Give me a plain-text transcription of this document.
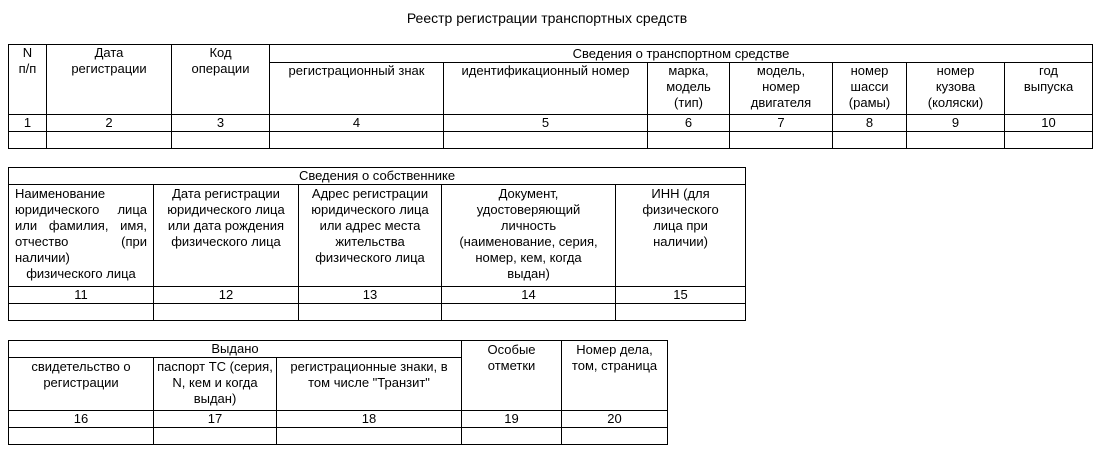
Реестр регистрации транспортных средств
N п/п	Дата регистрации	Код операции	Сведения о транспортном средстве						
			регистрационный знак	идентификационный номер	марка, модель (тип)	модель, номер двигателя	номер шасси (рамы)	номер кузова (коляски)	год выпуска
1	2	3	4	5	6	7	8	9	10

Сведения о собственнике				
Наименование юридического лица или фамилия, имя, отчество (при наличии) физического лица	Дата регистрации юридического лица или дата рождения физического лица	Адрес регистрации юридического лица или адрес места жительства физического лица	Документ, удостоверяющий личность (наименование, серия, номер, кем, когда выдан)	ИНН (для физического лица при наличии)
11	12	13	14	15

Выдано			Особые отметки	Номер дела, том, страница
свидетельство о регистрации	паспорт ТС (серия, N, кем и когда выдан)	регистрационные знаки, в том числе "Транзит"		
16	17	18	19	20
